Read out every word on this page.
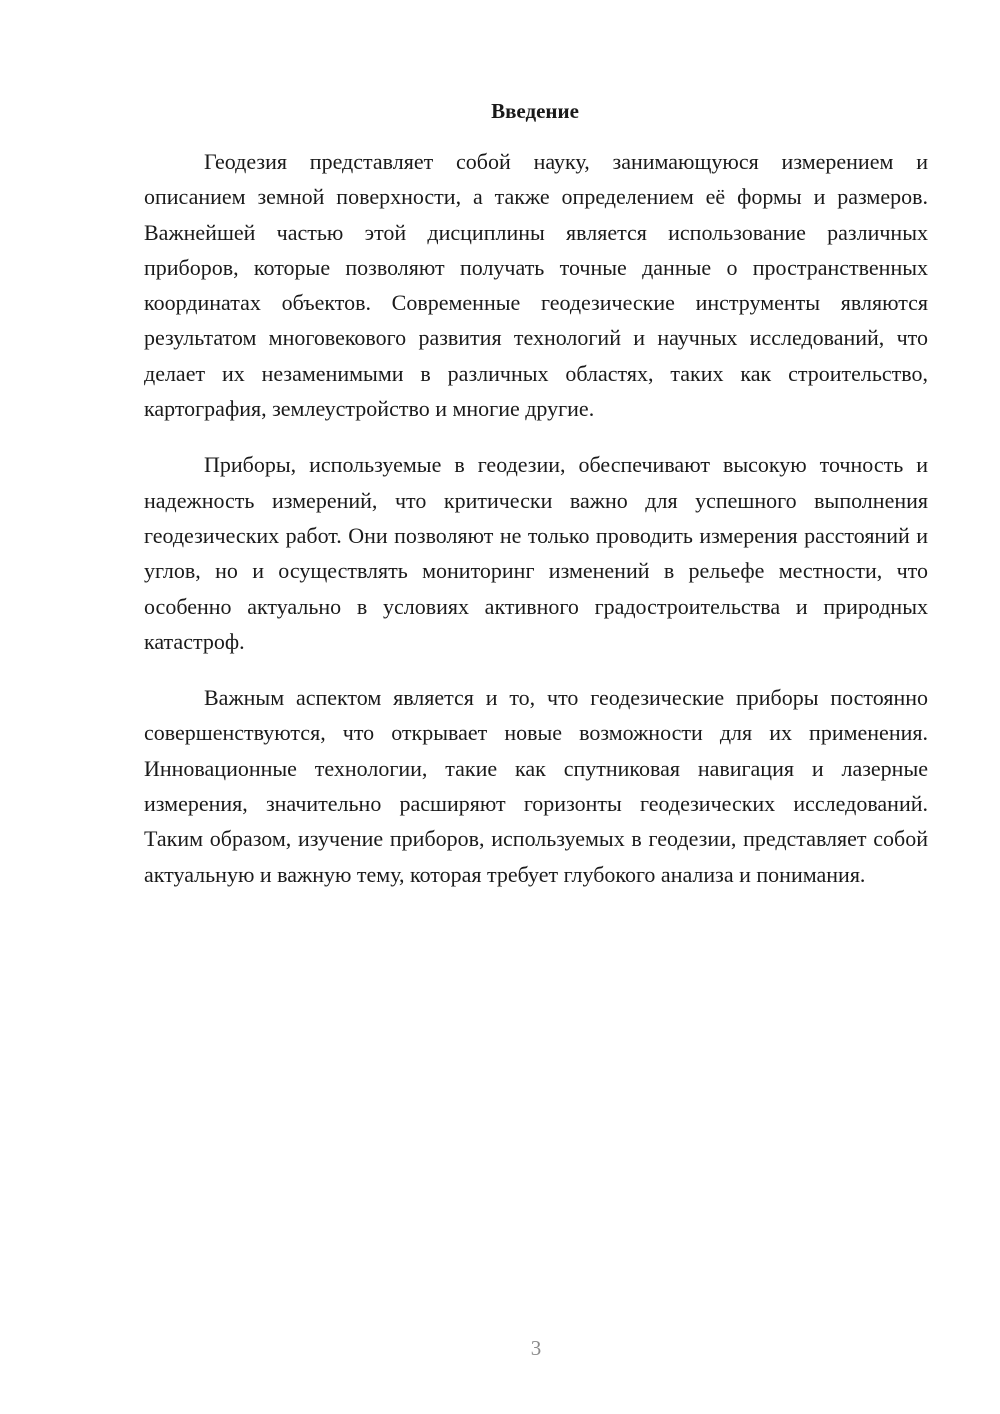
Введение

Геодезия представляет собой науку, занимающуюся измерением и описанием земной поверхности, а также определением её формы и размеров. Важнейшей частью этой дисциплины является использование различных приборов, которые позволяют получать точные данные о пространственных координатах объектов. Современные геодезические инструменты являются результатом многовекового развития технологий и научных исследований, что делает их незаменимыми в различных областях, таких как строительство, картография, землеустройство и многие другие.

Приборы, используемые в геодезии, обеспечивают высокую точность и надежность измерений, что критически важно для успешного выполнения геодезических работ. Они позволяют не только проводить измерения расстояний и углов, но и осуществлять мониторинг изменений в рельефе местности, что особенно актуально в условиях активного градостроительства и природных катастроф.

Важным аспектом является и то, что геодезические приборы постоянно совершенствуются, что открывает новые возможности для их применения. Инновационные технологии, такие как спутниковая навигация и лазерные измерения, значительно расширяют горизонты геодезических исследований. Таким образом, изучение приборов, используемых в геодезии, представляет собой актуальную и важную тему, которая требует глубокого анализа и понимания.

3
